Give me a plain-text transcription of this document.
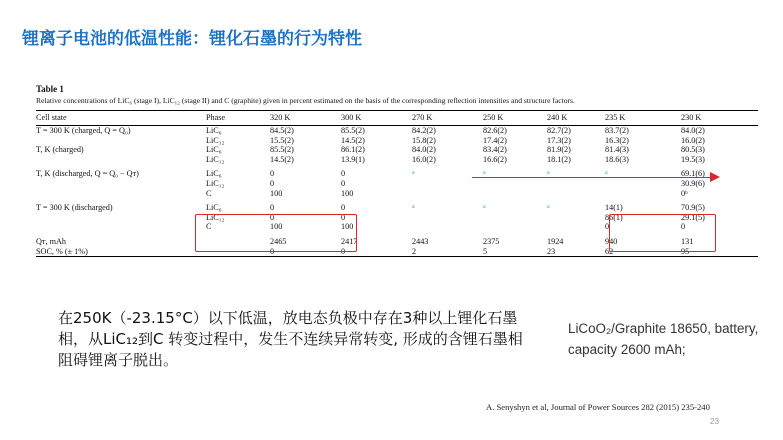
锂离子电池的低温性能：锂化石墨的行为特性
Table 1
Relative concentrations of LiC₆ (stage I), LiC₁₂ (stage II) and C (graphite) given in percent estimated on the basis of the corresponding reflection intensities and structure factors.
Cell state	Phase	320 K	300 K	270 K	250 K	240 K	235 K	230 K
T = 300 K (charged, Q = Q₀)	LiC₆	84.5(2)	85.5(2)	84.2(2)	82.6(2)	82.7(2)	83.7(2)	84.0(2)
	LiC₁₂	15.5(2)	14.5(2)	15.8(2)	17.4(2)	17.3(2)	16.3(2)	16.0(2)
T, K (charged)	LiC₆	85.5(2)	86.1(2)	84.0(2)	83.4(2)	81.9(2)	81.4(3)	80.5(3)
	LiC₁₂	14.5(2)	13.9(1)	16.0(2)	16.6(2)	18.1(2)	18.6(3)	19.5(3)

T, K (discharged, Q = Q₀ − Qᴛ)	LiC₆	0	0	a	a	a	a	69.1(6)
	LiC₁₂	0	0					30.9(6)
	C	100	100					0ᵇ

T = 300 K (discharged)	LiC₆	0	0	a	a	a	14(1)	70.9(5)
	LiC₁₂	0	0				86(1)	29.1(5)
	C	100	100				0	0

Qᴛ, mAh		2465	2417	2443	2375	1924	940	131
SOC, % (± 1%)		0	0	2	5	23	62	95
在250K（-23.15°C）以下低温，放电态负极中存在3种以上锂化石墨相，从LiC₁₂到C 转变过程中，发生不连续异常转变, 形成的含锂石墨相阻碍锂离子脱出。
LiCoO₂/Graphite 18650, battery, capacity 2600 mAh;
A. Senyshyn et al, Journal of Power Sources 282 (2015) 235-240
23
